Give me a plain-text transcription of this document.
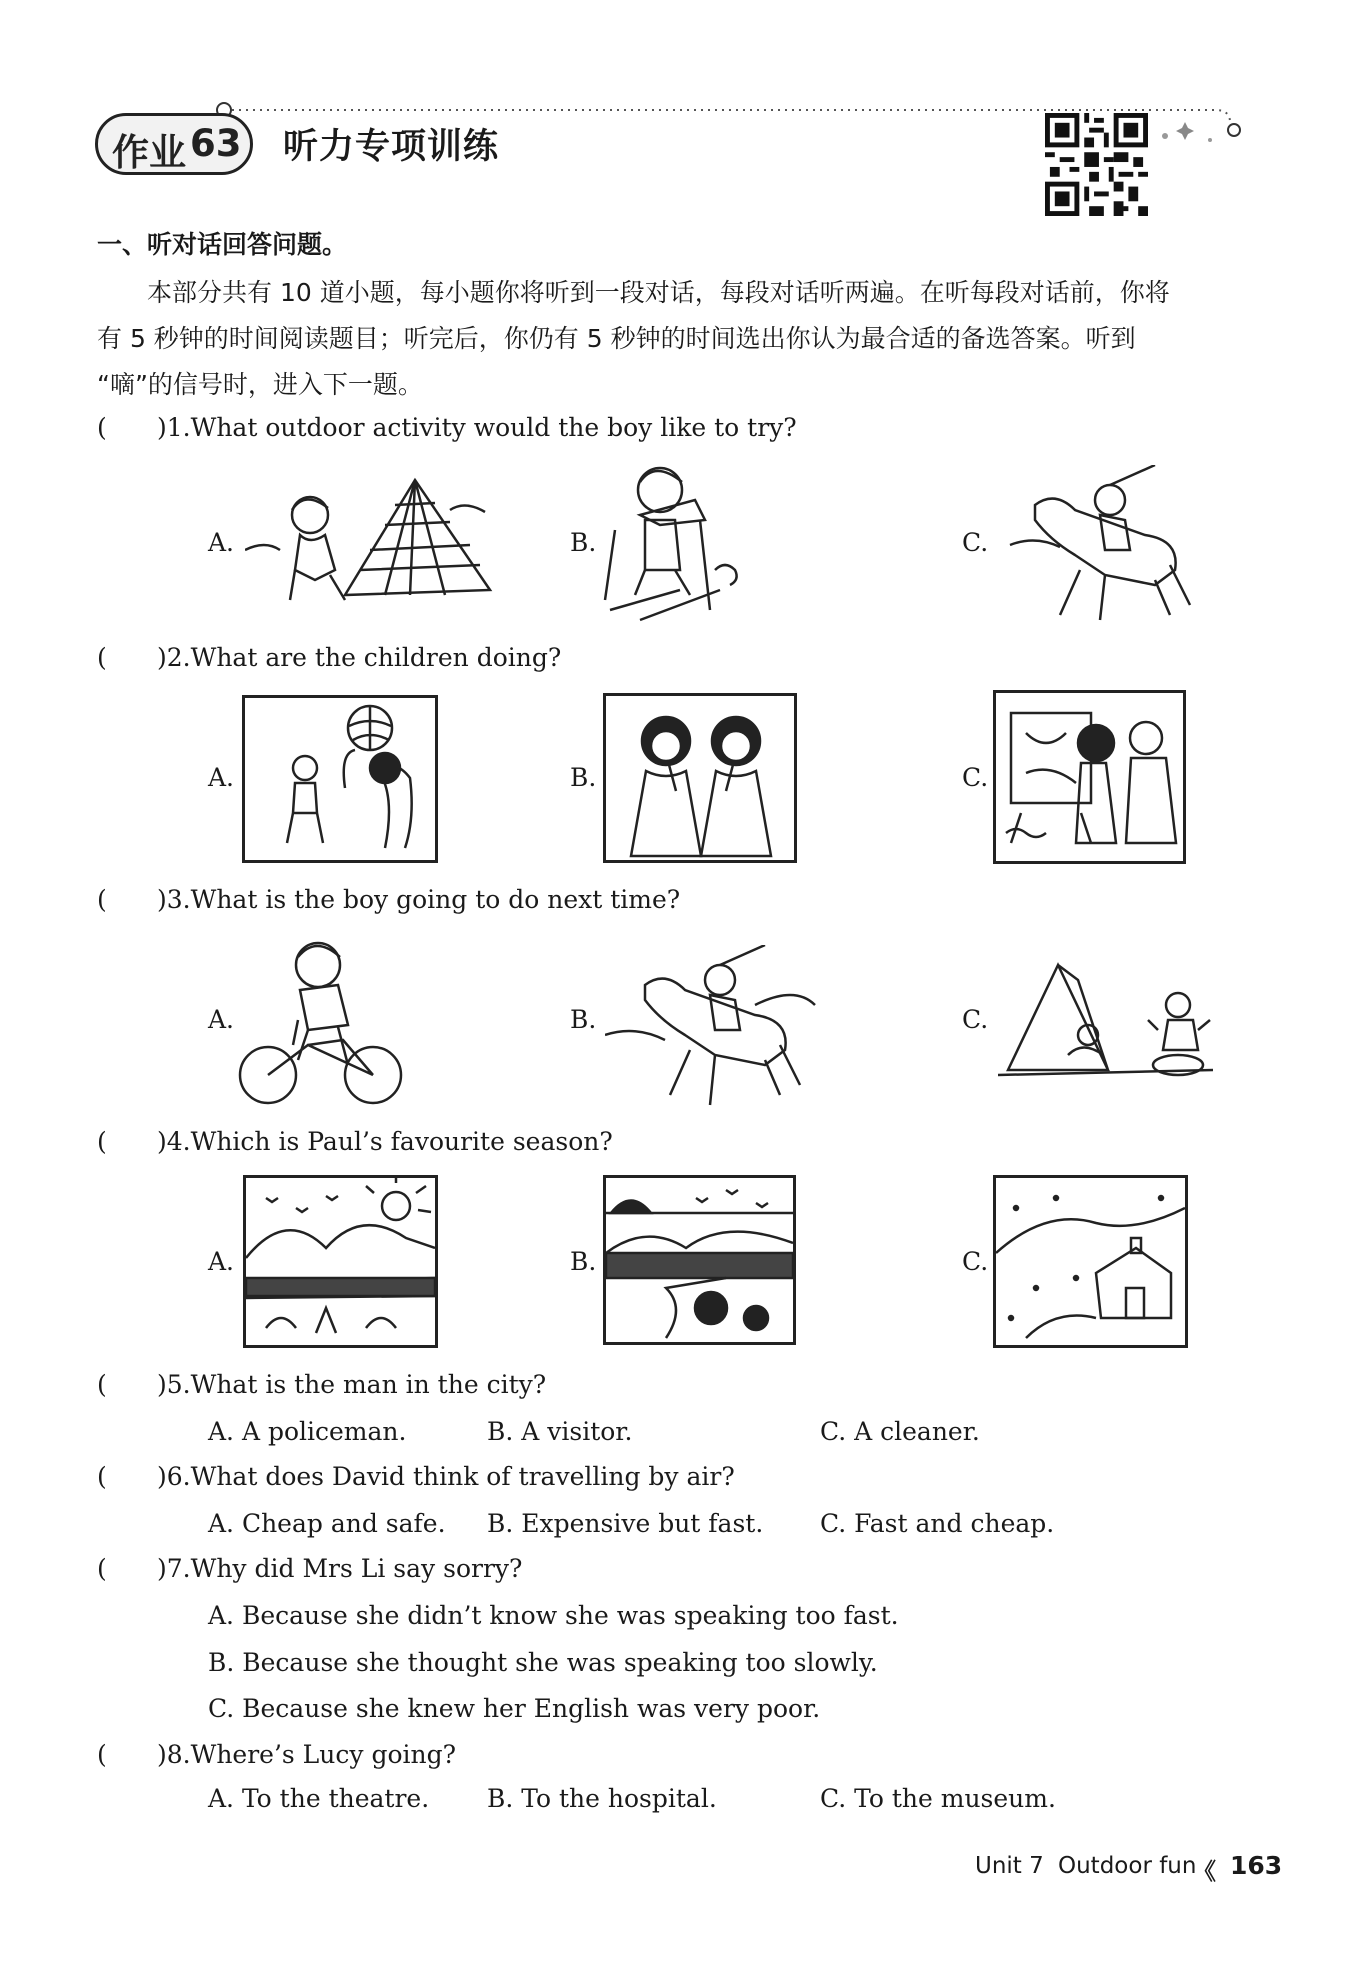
作业 63 听力专项训练
一、听对话回答问题。

本部分共有 10 道小题，每小题你将听到一段对话，每段对话听两遍。在听每段对话前，你将

有 5 秒钟的时间阅读题目；听完后，你仍有 5 秒钟的时间选出你认为最合适的备选答案。听到

“嘀”的信号时，进入下一题。

( )1.What outdoor activity would the boy like to try?
A.	B.	C.
( )2.What are the children doing?
A.	B.	C.
( )3.What is the boy going to do next time?
A.	B.	C.
( )4.Which is Paul’s favourite season?
A.	B.	C.
( )5.What is the man in the city?
A. A policeman.	B. A visitor.	C. A cleaner.
( )6.What does David think of travelling by air?
A. Cheap and safe. B. Expensive but fast. C. Fast and cheap.
( )7.Why did Mrs Li say sorry?
A. Because she didn’t know she was speaking too fast.
B. Because she thought she was speaking too slowly.
C. Because she knew her English was very poor.
( )8.Where’s Lucy going?
A. To the theatre. B. To the hospital.	C. To the museum.
Unit 7 Outdoor fun
《 163
